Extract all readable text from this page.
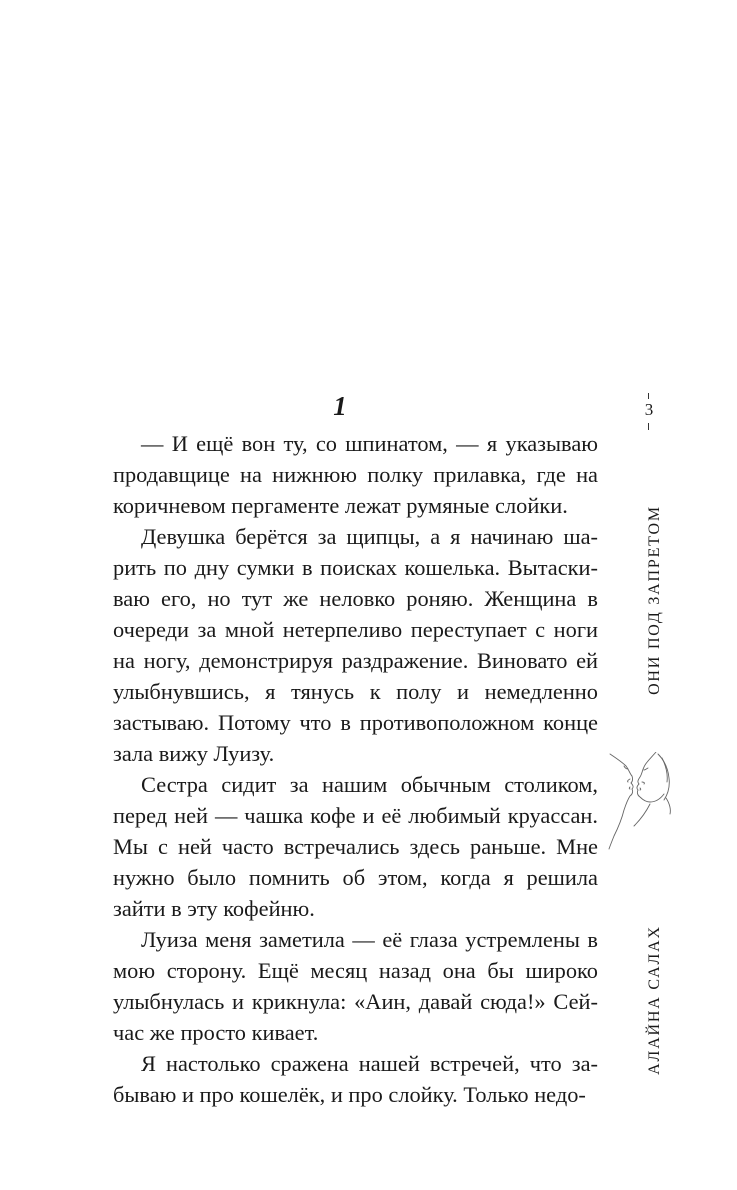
1

— И ещё вон ту, со шпинатом, — я указываю продавщице на нижнюю полку прилавка, где на коричневом пергаменте лежат румяные слойки.

Девушка берётся за щипцы, а я начинаю шарить по дну сумки в поисках кошелька. Вытаскиваю его, но тут же неловко роняю. Женщина в очереди за мной нетерпеливо переступает с ноги на ногу, демонстрируя раздражение. Виновато ей улыбнувшись, я тянусь к полу и немедленно застываю. Потому что в противоположном конце зала вижу Луизу.

Сестра сидит за нашим обычным столиком, перед ней — чашка кофе и её любимый круассан. Мы с ней часто встречались здесь раньше. Мне нужно было помнить об этом, когда я решила зайти в эту кофейню.

Луиза меня заметила — её глаза устремлены в мою сторону. Ещё месяц назад она бы широко улыбнулась и крикнула: «Аин, давай сюда!» Сейчас же просто кивает.

Я настолько сражена нашей встречей, что забываю и про кошелёк, и про слойку. Только недо-

3
ОНИ ПОД ЗАПРЕТОМ
АЛАЙНА САЛАХ
